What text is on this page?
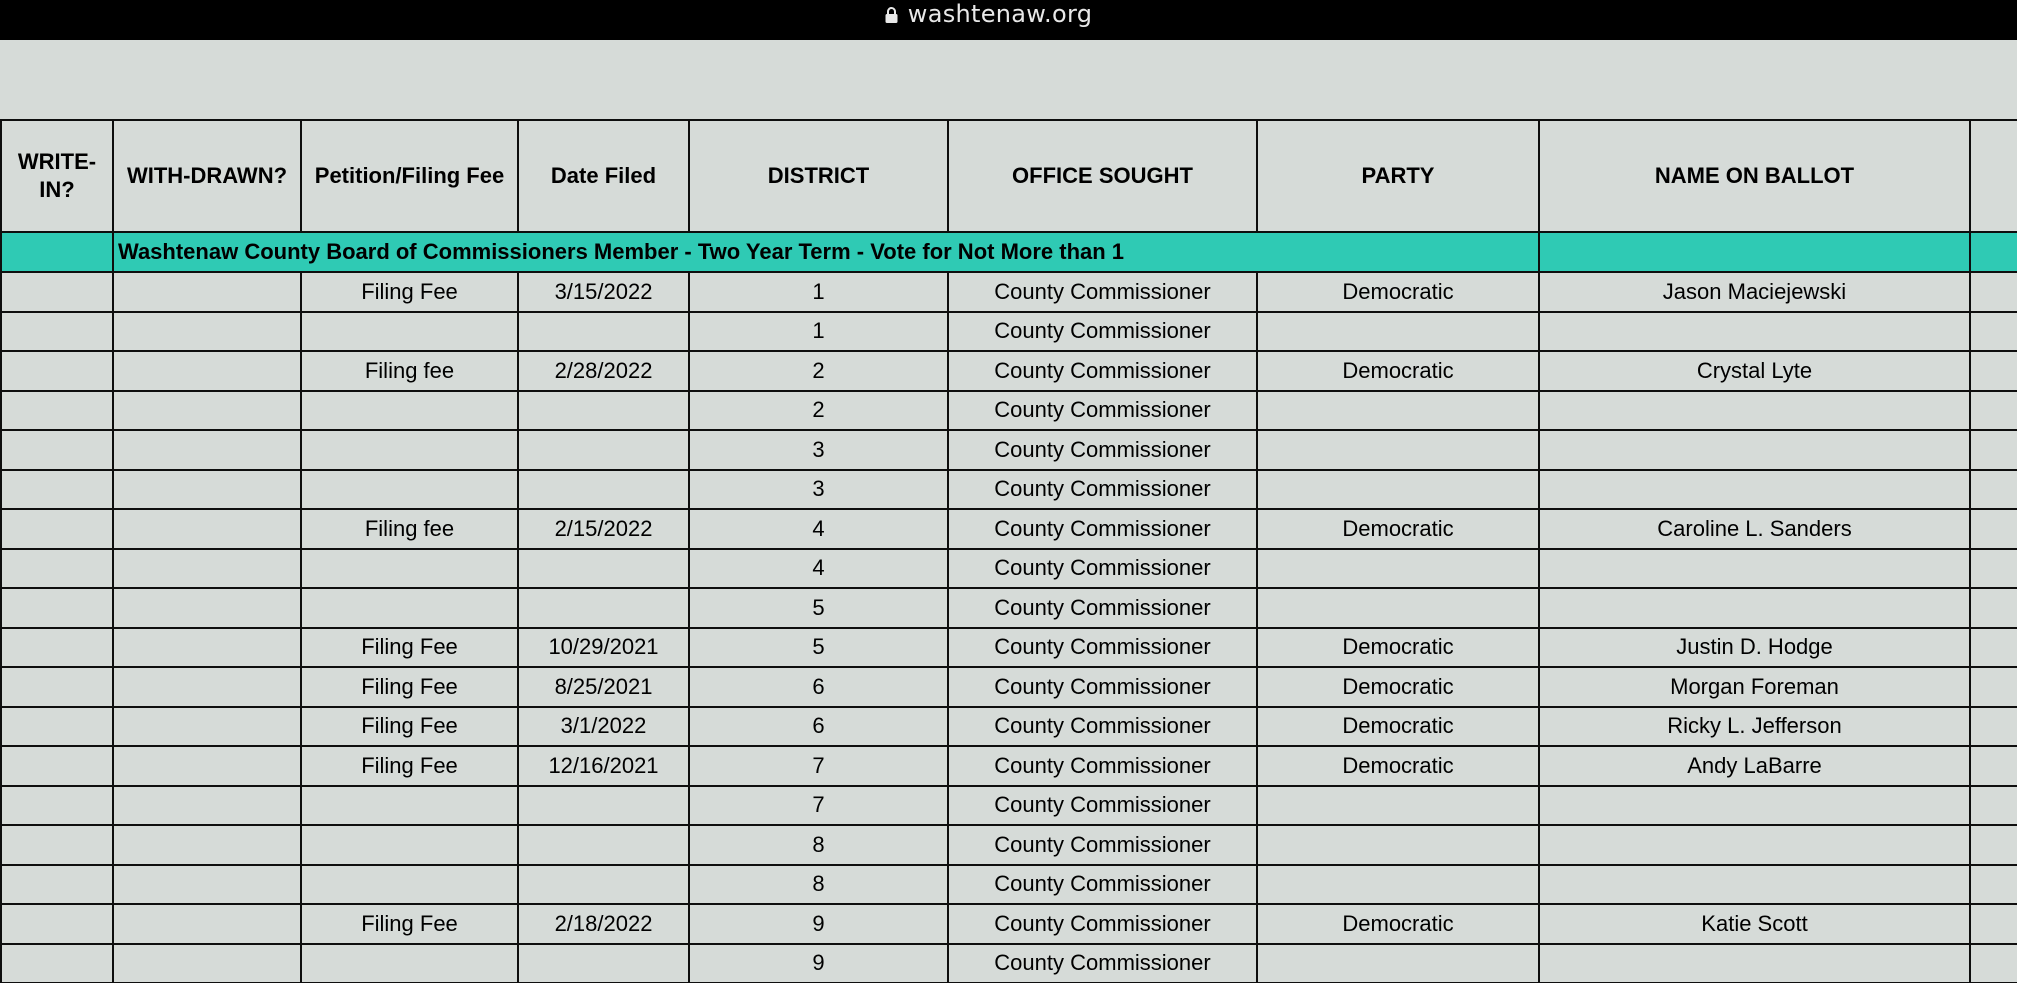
washtenaw.org
WRITE-IN?	WITH-DRAWN?	Petition/Filing Fee	Date Filed	DISTRICT	OFFICE SOUGHT	PARTY	NAME ON BALLOT	
	Washtenaw County Board of Commissioners Member - Two Year Term - Vote for Not More than 1							
		Filing Fee	3/15/2022	1	County Commissioner	Democratic	Jason Maciejewski	
				1	County Commissioner			
		Filing fee	2/28/2022	2	County Commissioner	Democratic	Crystal Lyte	
				2	County Commissioner			
				3	County Commissioner			
				3	County Commissioner			
		Filing fee	2/15/2022	4	County Commissioner	Democratic	Caroline L. Sanders	
				4	County Commissioner			
				5	County Commissioner			
		Filing Fee	10/29/2021	5	County Commissioner	Democratic	Justin D. Hodge	
		Filing Fee	8/25/2021	6	County Commissioner	Democratic	Morgan Foreman	
		Filing Fee	3/1/2022	6	County Commissioner	Democratic	Ricky L. Jefferson	
		Filing Fee	12/16/2021	7	County Commissioner	Democratic	Andy LaBarre	
				7	County Commissioner			
				8	County Commissioner			
				8	County Commissioner			
		Filing Fee	2/18/2022	9	County Commissioner	Democratic	Katie Scott	
				9	County Commissioner			
